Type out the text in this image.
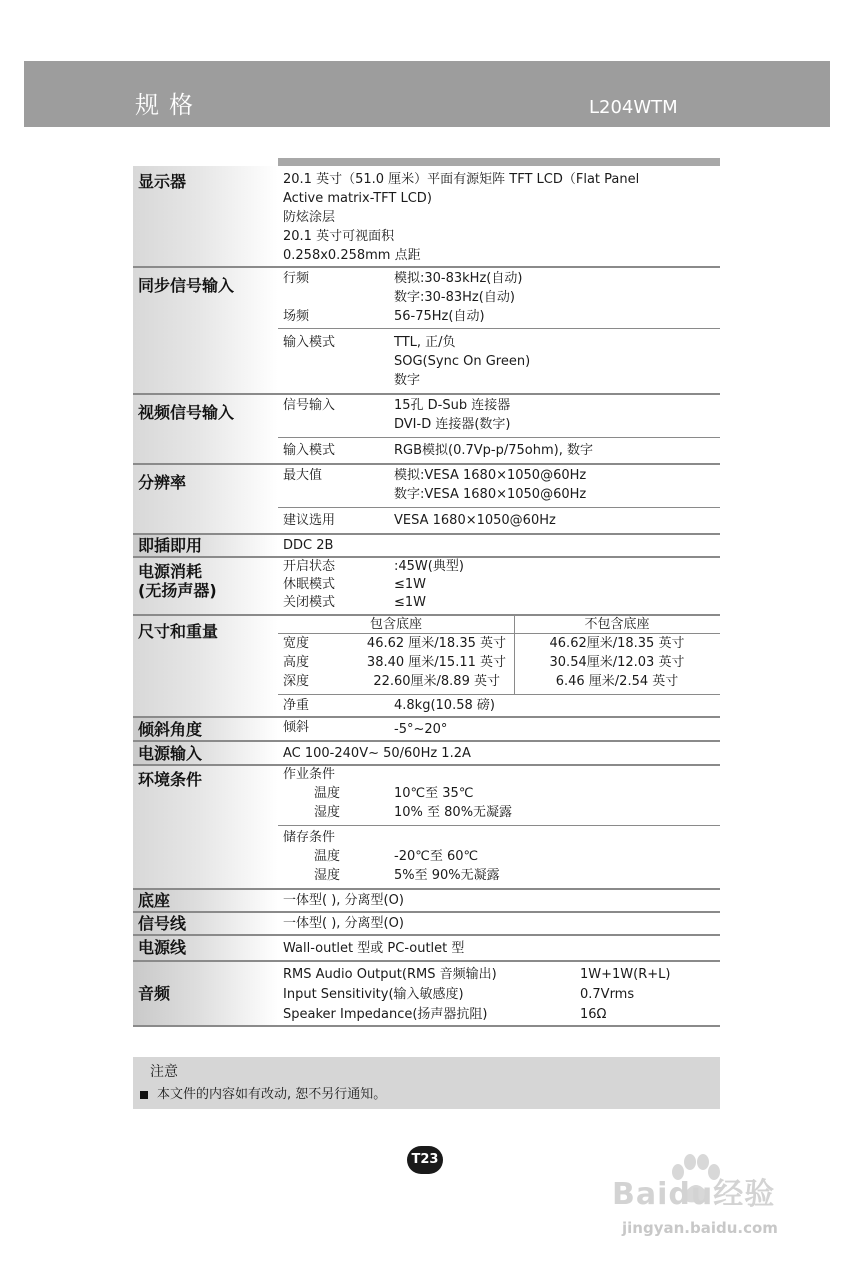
规格	L204WTM
显示器	20.1 英寸（51.0 厘米）平面有源矩阵 TFT LCD（Flat Panel
Active matrix-TFT LCD)
防炫涂层
20.1 英寸可视面积
0.258x0.258mm 点距
同步信号输入	行频	模拟:30-83kHz(自动)
数字:30-83Hz(自动)
场频	56-75Hz(自动)
输入模式	TTL, 正/负
SOG(Sync On Green)
数字
视频信号输入	信号输入	15孔 D-Sub 连接器
DVI-D 连接器(数字)
输入模式	RGB模拟(0.7Vp-p/75ohm), 数字
分辨率	最大值	模拟:VESA 1680×1050@60Hz
数字:VESA 1680×1050@60Hz
建议选用	VESA 1680×1050@60Hz
即插即用	DDC 2B
电源消耗
(无扬声器)
开启状态	:45W(典型)
休眠模式	≤1W
关闭模式	≤1W
尺寸和重量	包含底座	不包含底座
宽度	46.62 厘米/18.35 英寸	46.62厘米/18.35 英寸
高度	38.40 厘米/15.11 英寸	30.54厘米/12.03 英寸
深度	22.60厘米/8.89 英寸	6.46 厘米/2.54 英寸
净重	4.8kg(10.58 磅)
倾斜角度	倾斜	-5°~20°
电源输入	AC 100-240V~ 50/60Hz 1.2A
环境条件	作业条件
温度	10℃至 35℃
湿度	10% 至 80%无凝露
储存条件
温度	-20℃至 60℃
湿度	5%至 90%无凝露
底座	一体型( ), 分离型(O)
信号线	一体型( ), 分离型(O)
电源线	Wall-outlet 型或 PC-outlet 型
音频
RMS Audio Output(RMS 音频输出)	1W+1W(R+L)
Input Sensitivity(输入敏感度)	0.7Vrms
Speaker Impedance(扬声器抗阻)	16Ω
注意
本文件的内容如有改动, 恕不另行通知。
T23
Baidu经验
jingyan.baidu.com
